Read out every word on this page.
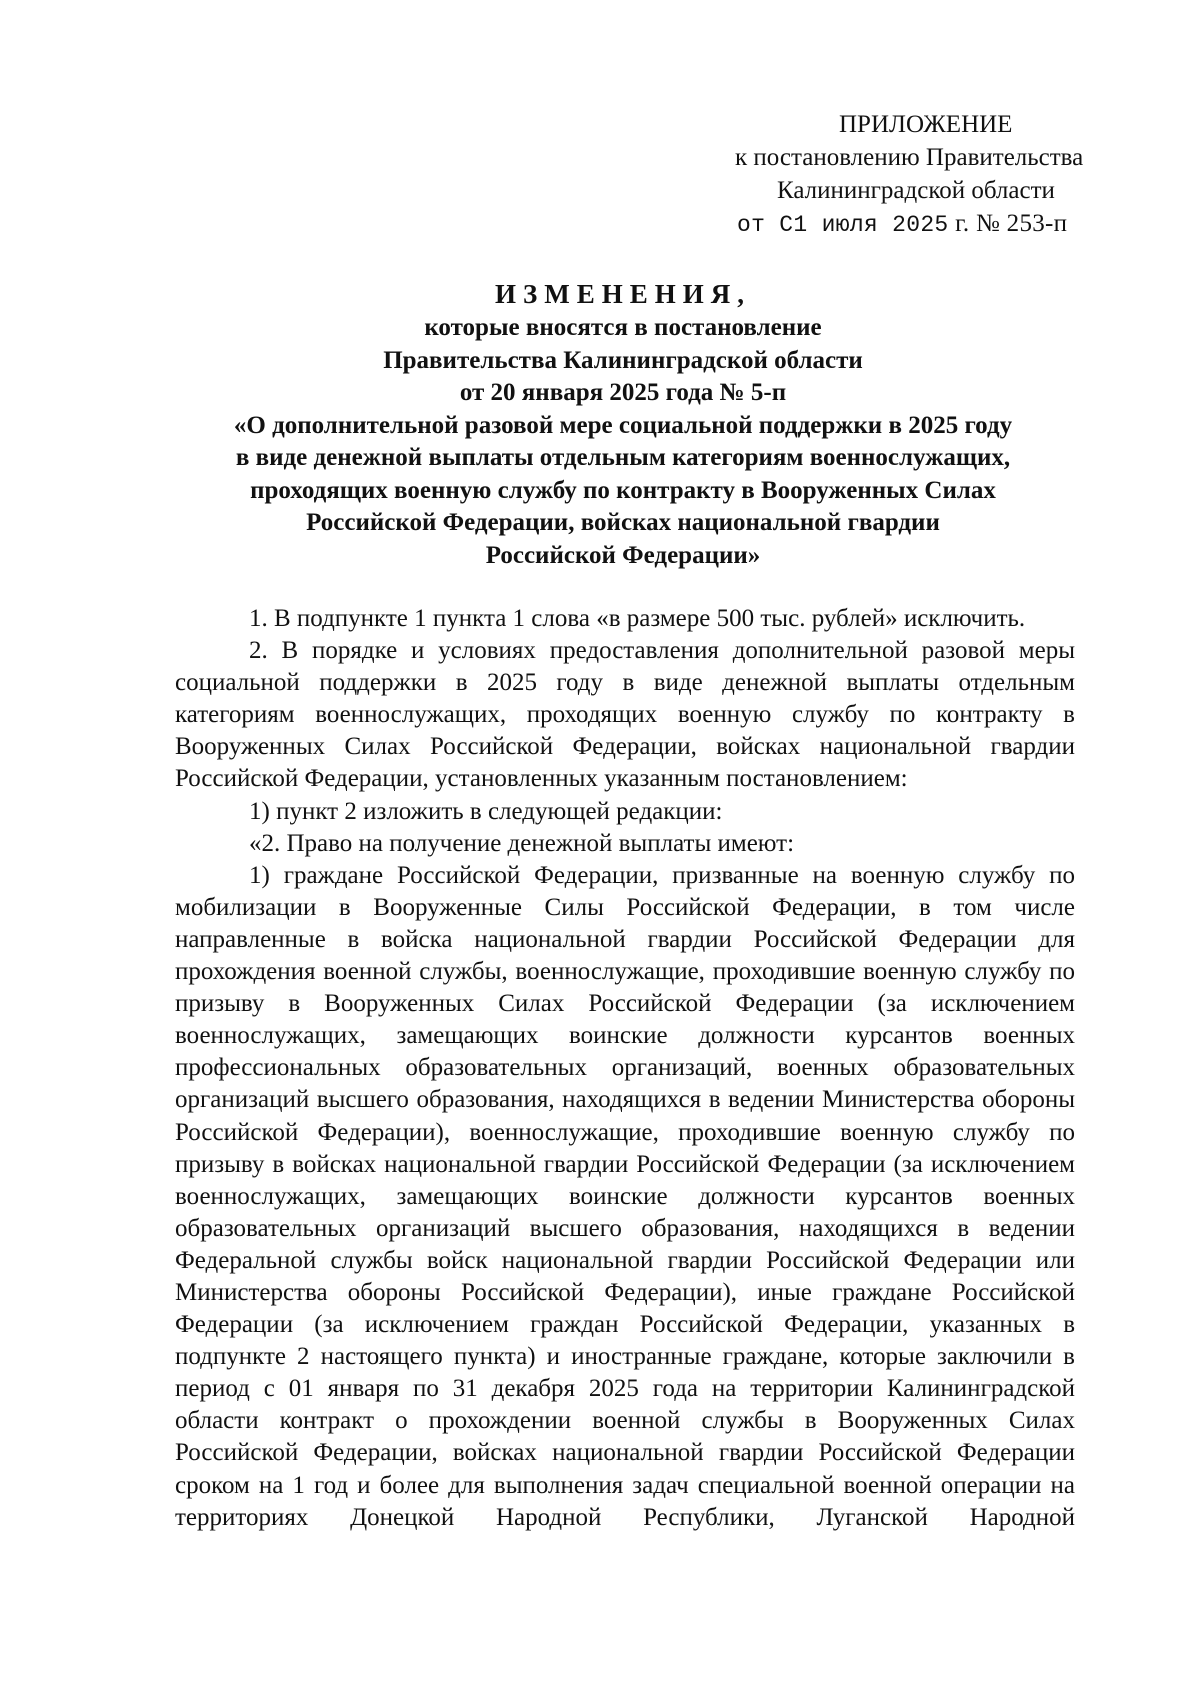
ПРИЛОЖЕНИЕ
к постановлению Правительства
Калининградской области
от С1 июля 2025 г. № 253-п
ИЗМЕНЕНИЯ,
которые вносятся в постановление
Правительства Калининградской области
от 20 января 2025 года № 5-п
«О дополнительной разовой мере социальной поддержки в 2025 году
в виде денежной выплаты отдельным категориям военнослужащих,
проходящих военную службу по контракту в Вооруженных Силах
Российской Федерации, войсках национальной гвардии
Российской Федерации»

1. В подпункте 1 пункта 1 слова «в размере 500 тыс. рублей» исключить.

2. В порядке и условиях предоставления дополнительной разовой меры социальной поддержки в 2025 году в виде денежной выплаты отдельным категориям военнослужащих, проходящих военную службу по контракту в Вооруженных Силах Российской Федерации, войсках национальной гвардии Российской Федерации, установленных указанным постановлением:

1) пункт 2 изложить в следующей редакции:

«2. Право на получение денежной выплаты имеют:

1) граждане Российской Федерации, призванные на военную службу по мобилизации в Вооруженные Силы Российской Федерации, в том числе направленные в войска национальной гвардии Российской Федерации для прохождения военной службы, военнослужащие, проходившие военную службу по призыву в Вооруженных Силах Российской Федерации (за исключением военнослужащих, замещающих воинские должности курсантов военных профессиональных образовательных организаций, военных образовательных организаций высшего образования, находящихся в ведении Министерства обороны Российской Федерации), военнослужащие, проходившие военную службу по призыву в войсках национальной гвардии Российской Федерации (за исключением военнослужащих, замещающих воинские должности курсантов военных образовательных организаций высшего образования, находящихся в ведении Федеральной службы войск национальной гвардии Российской Федерации или Министерства обороны Российской Федерации), иные граждане Российской Федерации (за исключением граждан Российской Федерации, указанных в подпункте 2 настоящего пункта) и иностранные граждане, которые заключили в период с 01 января по 31 декабря 2025 года на территории Калининградской области контракт о прохождении военной службы в Вооруженных Силах Российской Федерации, войсках национальной гвардии Российской Федерации сроком на 1 год и более для выполнения задач специальной военной операции на территориях Донецкой Народной Республики, Луганской Народной
